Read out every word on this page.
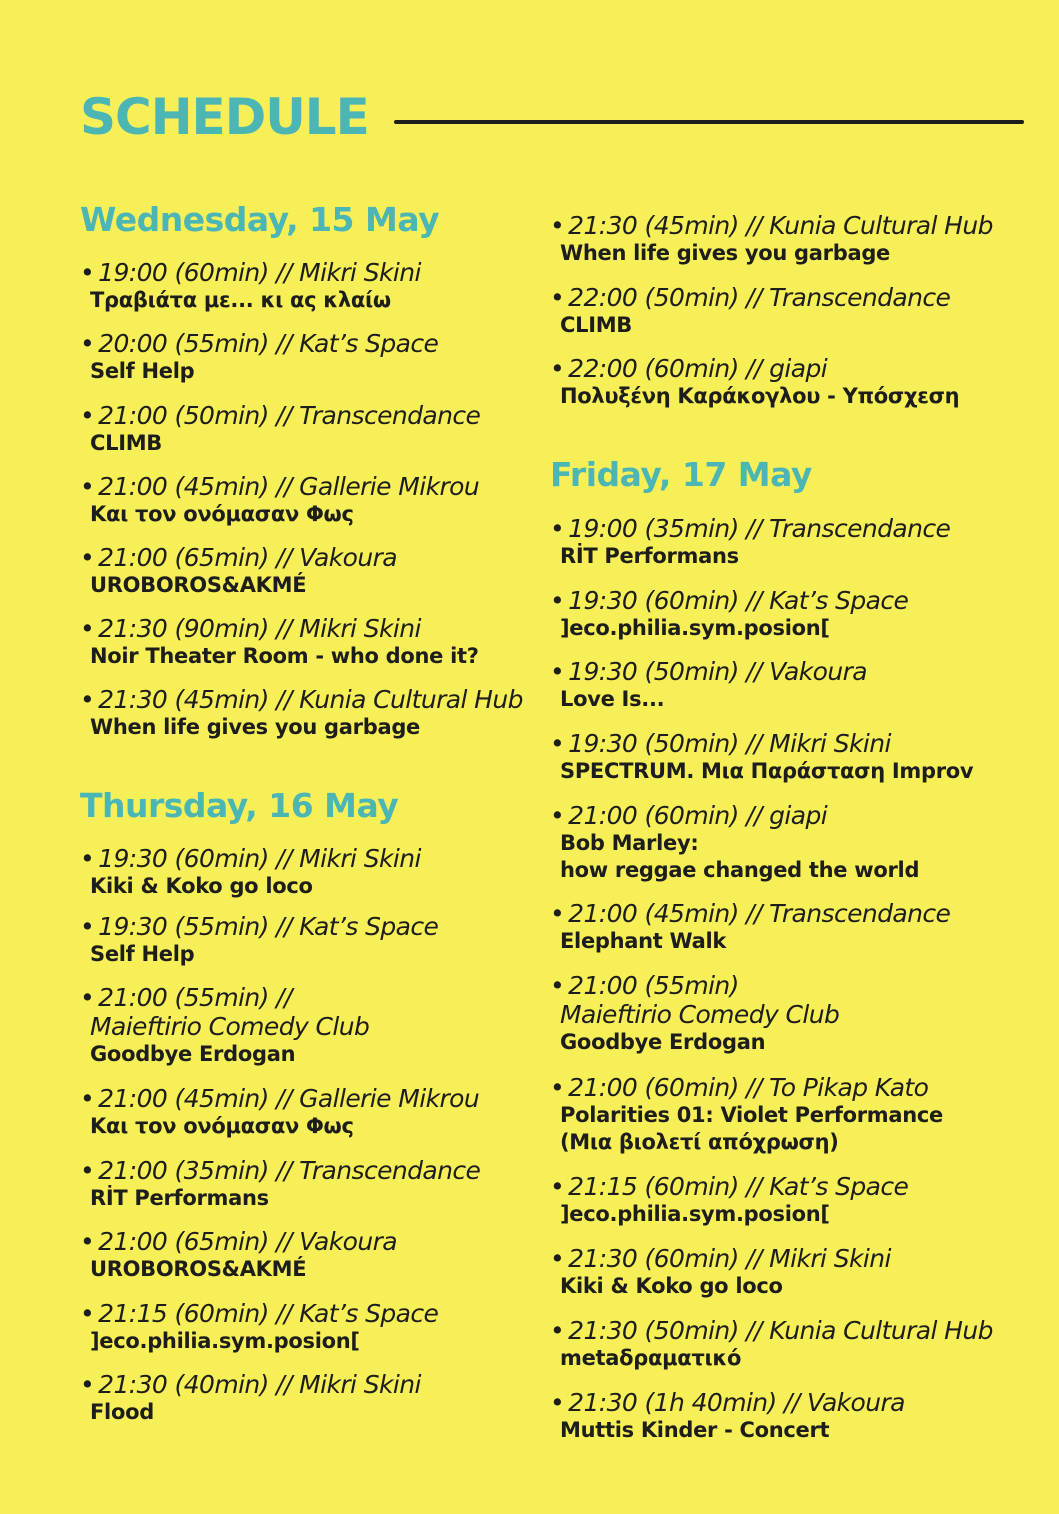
SCHEDULE
Wednesday, 15 May
• 19:00 (60min) // Mikri Skini
Τραβιάτα με... κι ας κλαίω
• 20:00 (55min) // Kat’s Space
Self Help
• 21:00 (50min) // Transcendance
CLIMB
• 21:00 (45min) // Gallerie Mikrou
Και τον ονόμασαν Φως
• 21:00 (65min) // Vakoura
UROBOROS&AKMÉ
• 21:30 (90min) // Mikri Skini
Noir Theater Room - who done it?
• 21:30 (45min) // Kunia Cultural Hub
When life gives you garbage
Thursday, 16 May
• 19:30 (60min) // Mikri Skini
Kiki & Koko go loco
• 19:30 (55min) // Kat’s Space
Self Help
• 21:00 (55min) //
Maieftirio Comedy Club
Goodbye Erdogan
• 21:00 (45min) // Gallerie Mikrou
Και τον ονόμασαν Φως
• 21:00 (35min) // Transcendance
RİT Performans
• 21:00 (65min) // Vakoura
UROBOROS&AKMÉ
• 21:15 (60min) // Kat’s Space
]eco.philia.sym.posion[
• 21:30 (40min) // Mikri Skini
Flood
• 21:30 (45min) // Kunia Cultural Hub
When life gives you garbage
• 22:00 (50min) // Transcendance
CLIMB
• 22:00 (60min) // giapi
Πολυξένη Καράκογλου - Υπόσχεση
Friday, 17 May
• 19:00 (35min) // Transcendance
RİT Performans
• 19:30 (60min) // Kat’s Space
]eco.philia.sym.posion[
• 19:30 (50min) // Vakoura
Love Is...
• 19:30 (50min) // Mikri Skini
SPECTRUM. Μια Παράσταση Improv
• 21:00 (60min) // giapi
Bob Marley:
how reggae changed the world
• 21:00 (45min) // Transcendance
Elephant Walk
• 21:00 (55min)
Maieftirio Comedy Club
Goodbye Erdogan
• 21:00 (60min) // To Pikap Kato
Polarities 01: Violet Performance
(Μια βιολετί απόχρωση)
• 21:15 (60min) // Kat’s Space
]eco.philia.sym.posion[
• 21:30 (60min) // Mikri Skini
Kiki & Koko go loco
• 21:30 (50min) // Kunia Cultural Hub
metaδραματικό
• 21:30 (1h 40min) // Vakoura
Muttis Kinder - Concert
